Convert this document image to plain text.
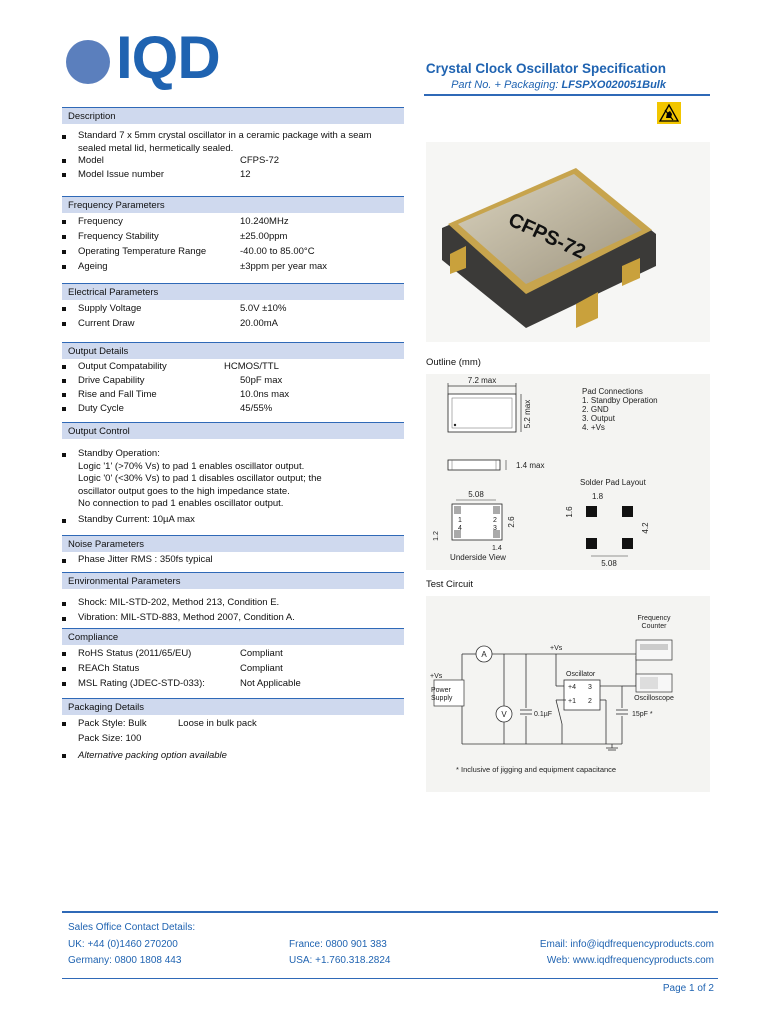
IQD	Crystal Clock Oscillator Specification
Part No. + Packaging: LFSPXO020051Bulk
Description
Standard 7 x 5mm crystal oscillator in a ceramic package with a seam sealed metal lid, hermetically sealed.
Model	CFPS-72
Model Issue number	12
Frequency Parameters
Frequency	10.240MHz
Frequency Stability	±25.00ppm
Operating Temperature Range	-40.00 to 85.00°C
Ageing	±3ppm per year max
Electrical Parameters
Supply Voltage	5.0V ±10%
Current Draw	20.00mA
Output Details
Output Compatability	HCMOS/TTL
Drive Capability	50pF max
Rise and Fall Time	10.0ns max
Duty Cycle	45/55%
Output Control
Standby Operation:
Logic '1' (>70% Vs) to pad 1 enables oscillator output.
Logic '0' (<30% Vs) to pad 1 disables oscillator output; the
oscillator output goes to the high impedance state.
No connection to pad 1 enables oscillator output.
Standby Current: 10µA max
Noise Parameters
Phase Jitter RMS : 350fs typical
Environmental Parameters
Shock: MIL-STD-202, Method 213, Condition E.
Vibration: MIL-STD-883, Method 2007, Condition A.
Compliance
RoHS Status (2011/65/EU)	Compliant
REACh Status	Compliant
MSL Rating (JDEC-STD-033):	Not Applicable
Packaging Details
Pack Style: Bulk	Loose in bulk pack
Pack Size: 100
Alternative packing option available
CFPS-72
Outline (mm)
7.2 max
5.2 max
1.4 max
Pad Connections
1. Standby Operation
2. GND
3. Output
4. +Vs
5.08
1	2
4	3
2.6
1.2
1.4
Underside View
Solder Pad Layout
1.8
1.6
4.2
5.08
Test Circuit
A
V
Frequency
Counter
Oscilloscope
Oscillator
+Vs
+Vs
Power
Supply
0.1µF	15pF *
+4 3
+1 2
* Inclusive of jigging and equipment capacitance
Sales Office Contact Details:
UK: +44 (0)1460 270200	France: 0800 901 383	Email: info@iqdfrequencyproducts.com
Germany: 0800 1808 443	USA: +1.760.318.2824	Web: www.iqdfrequencyproducts.com
Page 1 of 2
